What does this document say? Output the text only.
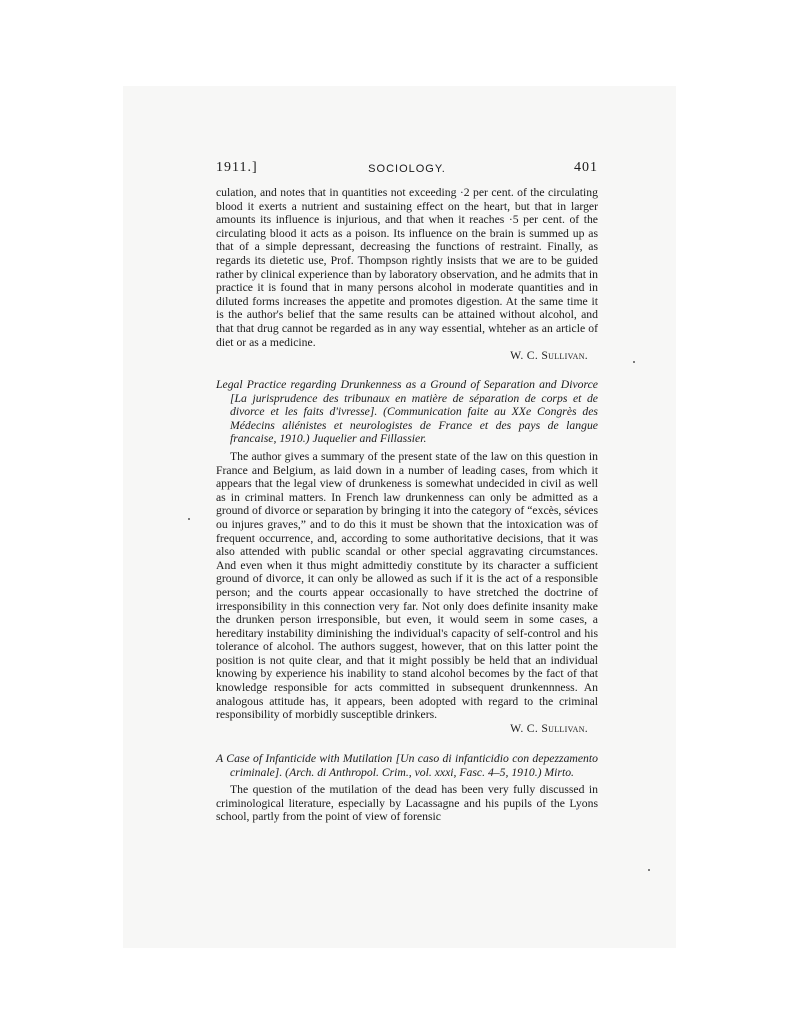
1911.]	SOCIOLOGY.	401

culation, and notes that in quantities not exceeding ·2 per cent. of the circulating blood it exerts a nutrient and sustaining effect on the heart, but that in larger amounts its influence is injurious, and that when it reaches ·5 per cent. of the circulating blood it acts as a poison. Its influence on the brain is summed up as that of a simple depressant, decreasing the functions of restraint. Finally, as regards its dietetic use, Prof. Thompson rightly insists that we are to be guided rather by clinical experience than by laboratory observation, and he admits that in practice it is found that in many persons alcohol in moderate quantities and in diluted forms increases the appetite and promotes digestion. At the same time it is the author's belief that the same results can be attained without alcohol, and that that drug cannot be regarded as in any way essential, whteher as an article of diet or as a medicine.

W. C. Sullivan.

Legal Practice regarding Drunkenness as a Ground of Separation and Divorce [La jurisprudence des tribunaux en matière de séparation de corps et de divorce et les faits d'ivresse]. (Communication faite au XXe Congrès des Médecins aliénistes et neurologistes de France et des pays de langue francaise, 1910.) Juquelier and Fillassier.

The author gives a summary of the present state of the law on this question in France and Belgium, as laid down in a number of leading cases, from which it appears that the legal view of drunkeness is somewhat undecided in civil as well as in criminal matters. In French law drunkenness can only be admitted as a ground of divorce or separation by bringing it into the category of “excès, sévices ou injures graves,” and to do this it must be shown that the intoxication was of frequent occurrence, and, according to some authoritative decisions, that it was also attended with public scandal or other special aggravating circumstances. And even when it thus might admittediy constitute by its character a sufficient ground of divorce, it can only be allowed as such if it is the act of a responsible person; and the courts appear occasionally to have stretched the doctrine of irresponsibility in this connection very far. Not only does definite insanity make the drunken person irresponsible, but even, it would seem in some cases, a hereditary instability diminishing the individual's capacity of self-control and his tolerance of alcohol. The authors suggest, however, that on this latter point the position is not quite clear, and that it might possibly be held that an individual knowing by experience his inability to stand alcohol becomes by the fact of that knowledge responsible for acts committed in subsequent drunkennness. An analogous attitude has, it appears, been adopted with regard to the criminal responsibility of morbidly susceptible drinkers.

W. C. Sullivan.

A Case of Infanticide with Mutilation [Un caso di infanticidio con depezzamento criminale]. (Arch. di Anthropol. Crim., vol. xxxi, Fasc. 4–5, 1910.) Mirto.

The question of the mutilation of the dead has been very fully discussed in criminological literature, especially by Lacassagne and his pupils of the Lyons school, partly from the point of view of forensic
